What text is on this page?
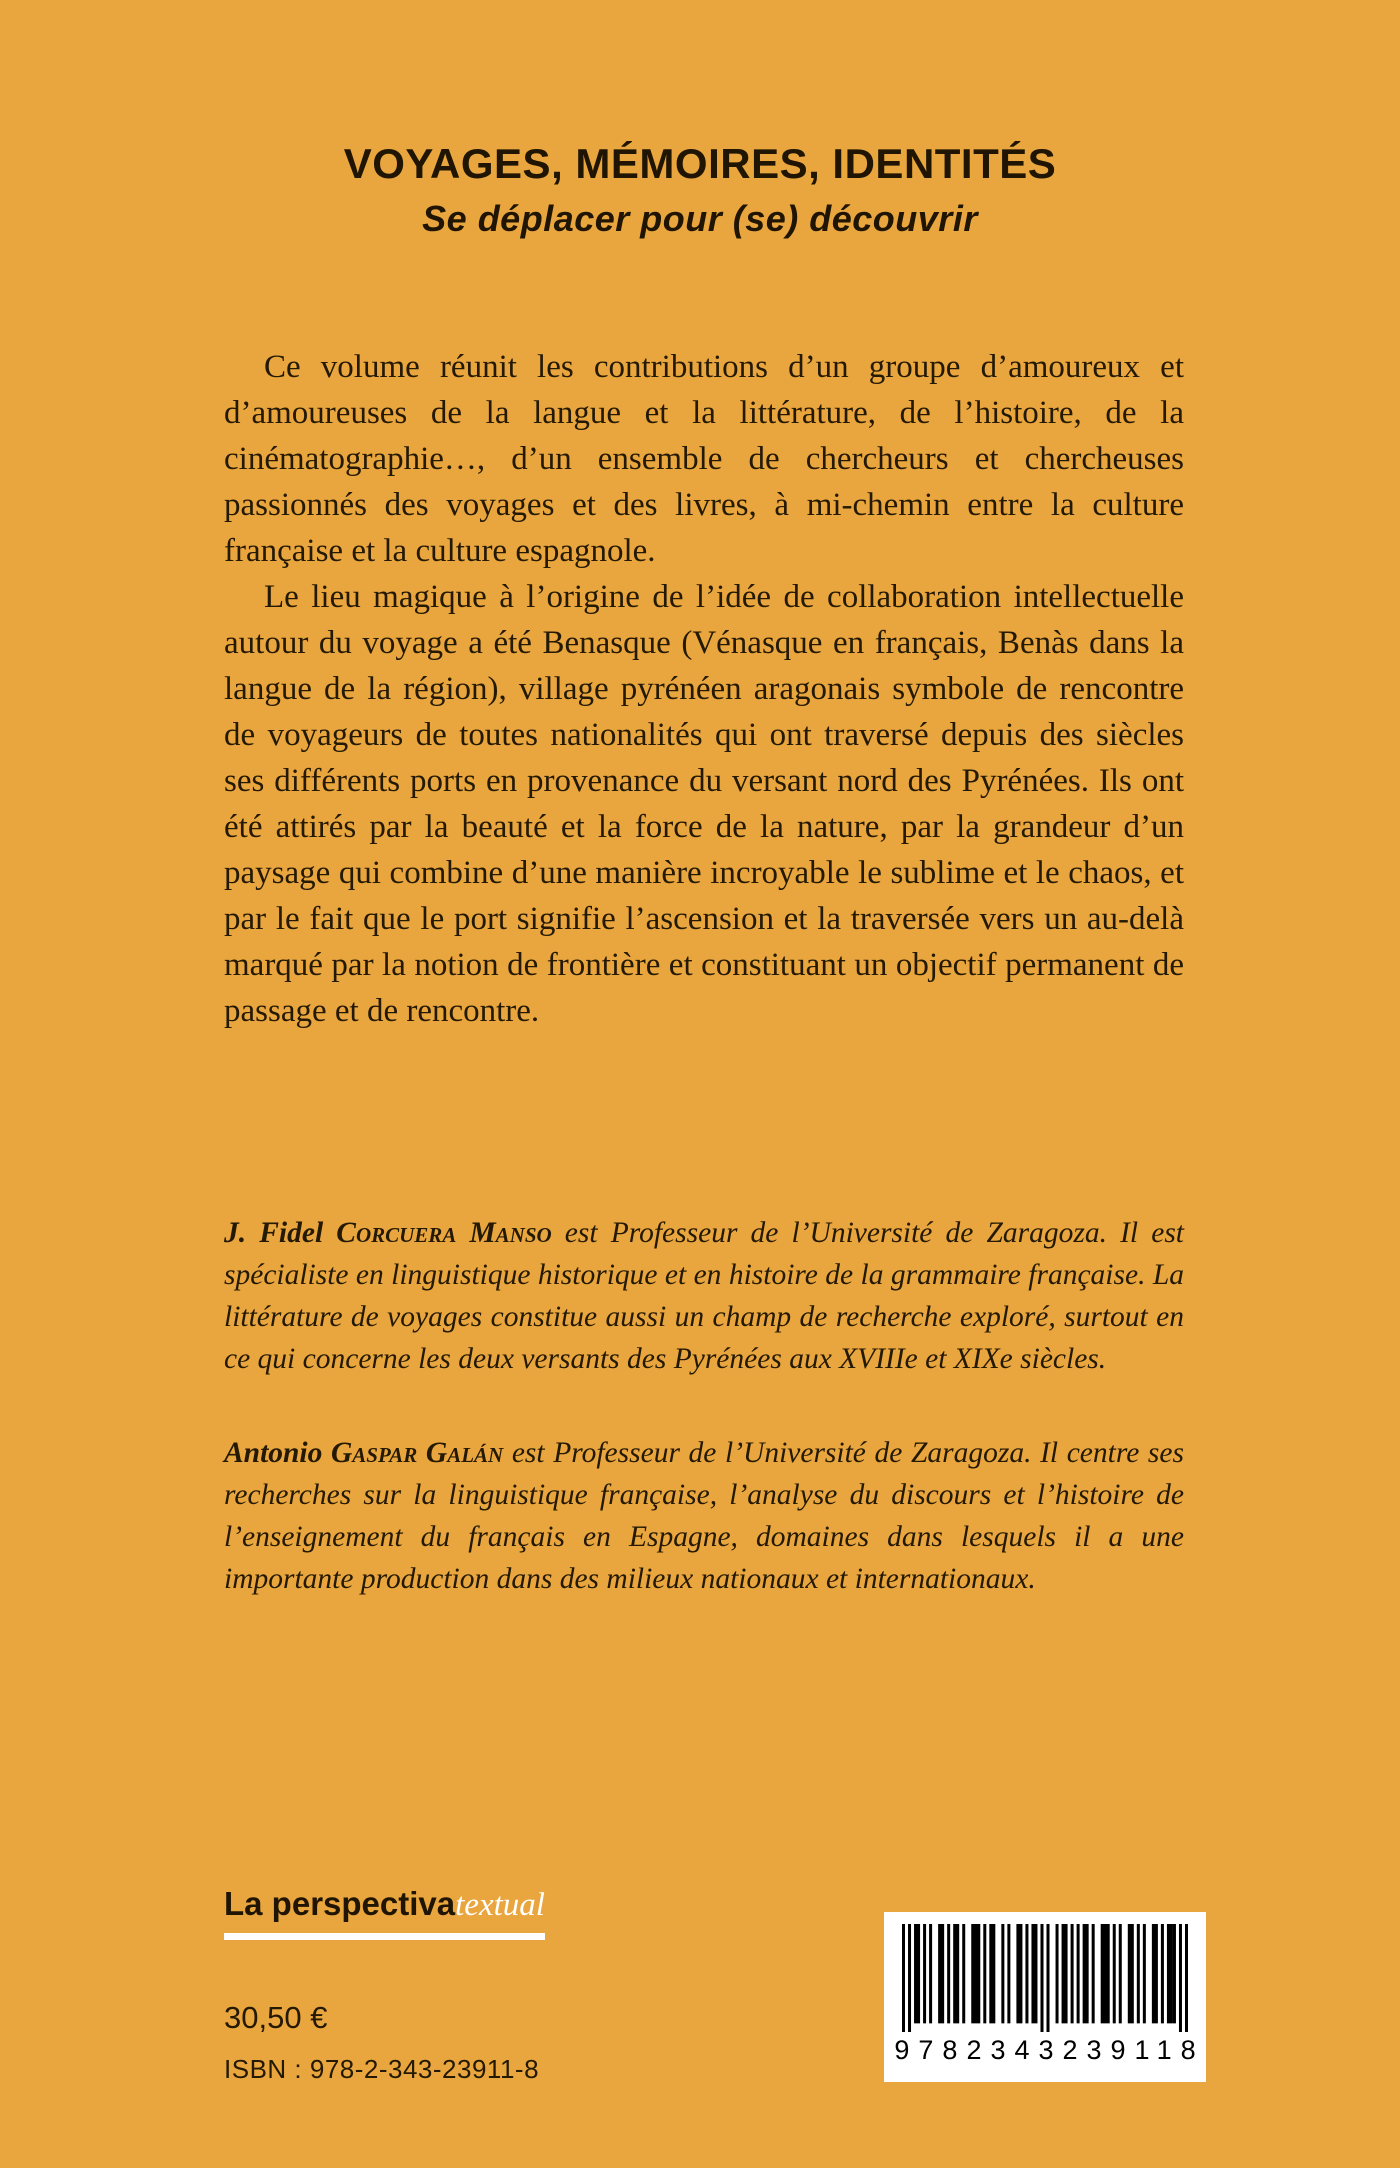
VOYAGES, MÉMOIRES, IDENTITÉS
Se déplacer pour (se) découvrir

Ce volume réunit les contributions d’un groupe d’amoureux et d’amoureuses de la langue et la littérature, de l’histoire, de la cinématographie…, d’un ensemble de chercheurs et chercheuses passionnés des voyages et des livres, à mi-chemin entre la culture française et la culture espagnole.

Le lieu magique à l’origine de l’idée de collaboration intellectuelle autour du voyage a été Benasque (Vénasque en français, Benàs dans la langue de la région), village pyrénéen aragonais symbole de rencontre de voyageurs de toutes nationalités qui ont traversé depuis des siècles ses différents ports en provenance du versant nord des Pyrénées. Ils ont été attirés par la beauté et la force de la nature, par la grandeur d’un paysage qui combine d’une manière incroyable le sublime et le chaos, et par le fait que le port signifie l’ascension et la traversée vers un au-delà marqué par la notion de frontière et constituant un objectif permanent de passage et de rencontre.

J. Fidel Corcuera Manso est Professeur de l’Université de Zaragoza. Il est spécialiste en linguistique historique et en histoire de la grammaire française. La littérature de voyages constitue aussi un champ de recherche exploré, surtout en ce qui concerne les deux versants des Pyrénées aux XVIIIe et XIXe siècles.

Antonio Gaspar Galán est Professeur de l’Université de Zaragoza. Il centre ses recherches sur la linguistique française, l’analyse du discours et l’histoire de l’enseignement du français en Espagne, domaines dans lesquels il a une importante production dans des milieux nationaux et internationaux.

La perspectivatextual
30,50 €
ISBN : 978-2-343-23911-8
9782343239118
